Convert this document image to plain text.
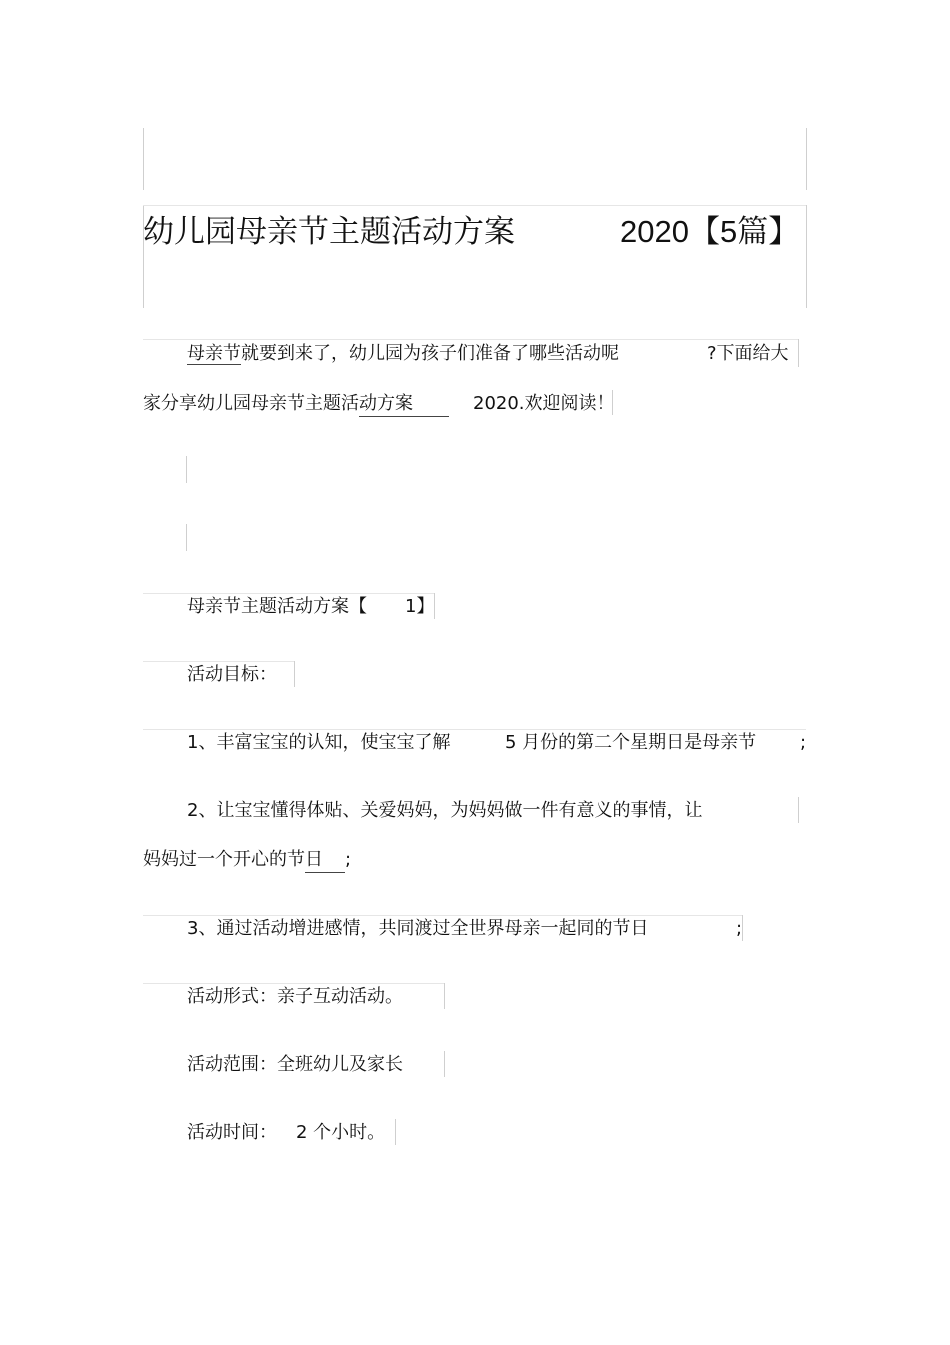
幼儿园母亲节主题活动方案	2020【5篇】
母亲节就要到来了，幼儿园为孩子们准备了哪些活动呢	?下面给大
家分享幼儿园母亲节主题活动方案	2020.欢迎阅读！
母亲节主题活动方案【 1】
活动目标：
1、丰富宝宝的认知，使宝宝了解	5 月份的第二个星期日是母亲节 ;
2、让宝宝懂得体贴、关爱妈妈，为妈妈做一件有意义的事情，让
妈妈过一个开心的节日 ;
3、通过活动增进感情，共同渡过全世界母亲一起同的节日	;
活动形式：亲子互动活动。
活动范围：全班幼儿及家长
活动时间： 2 个小时。
